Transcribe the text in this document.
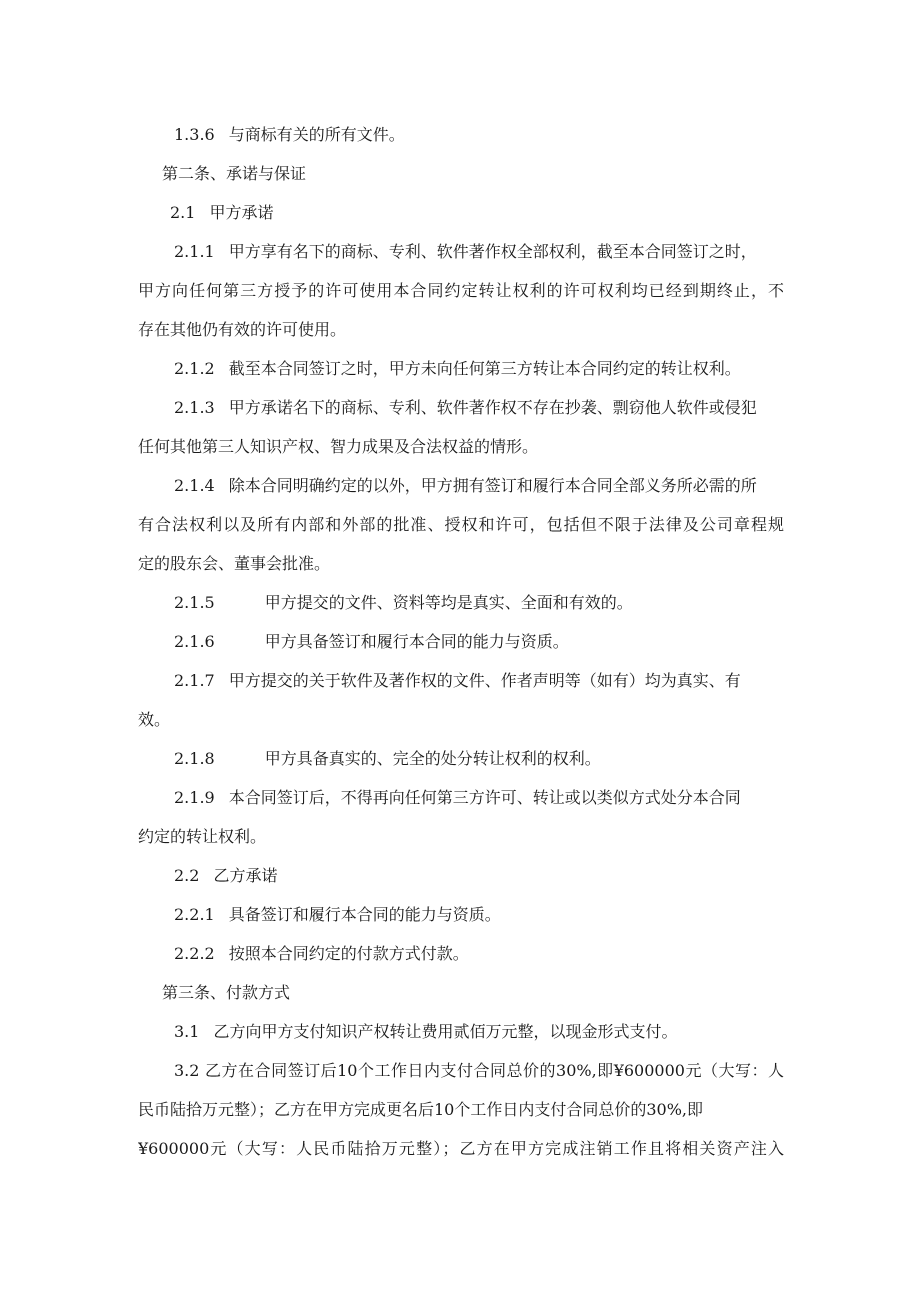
1.3.6 与商标有关的所有文件。
第二条、承诺与保证
2.1 甲方承诺
2.1.1 甲方享有名下的商标、专利、软件著作权全部权利，截至本合同签订之时，
甲方向任何第三方授予的许可使用本合同约定转让权利的许可权利均已经到期终止，不
存在其他仍有效的许可使用。
2.1.2 截至本合同签订之时，甲方未向任何第三方转让本合同约定的转让权利。
2.1.3 甲方承诺名下的商标、专利、软件著作权不存在抄袭、剽窃他人软件或侵犯
任何其他第三人知识产权、智力成果及合法权益的情形。
2.1.4 除本合同明确约定的以外，甲方拥有签订和履行本合同全部义务所必需的所
有合法权利以及所有内部和外部的批准、授权和许可，包括但不限于法律及公司章程规
定的股东会、董事会批准。
2.1.5	甲方提交的文件、资料等均是真实、全面和有效的。
2.1.6	甲方具备签订和履行本合同的能力与资质。
2.1.7 甲方提交的关于软件及著作权的文件、作者声明等（如有）均为真实、有
效。
2.1.8	甲方具备真实的、完全的处分转让权利的权利。
2.1.9 本合同签订后，不得再向任何第三方许可、转让或以类似方式处分本合同
约定的转让权利。
2.2 乙方承诺
2.2.1 具备签订和履行本合同的能力与资质。
2.2.2 按照本合同约定的付款方式付款。
第三条、付款方式
3.1 乙方向甲方支付知识产权转让费用贰佰万元整，以现金形式支付。
3.2 乙方在合同签订后10个工作日内支付合同总价的30%,即¥600000元（大写：人
民币陆拾万元整）；乙方在甲方完成更名后10个工作日内支付合同总价的30%,即
¥600000元（大写：人民币陆拾万元整）；乙方在甲方完成注销工作且将相关资产注入
